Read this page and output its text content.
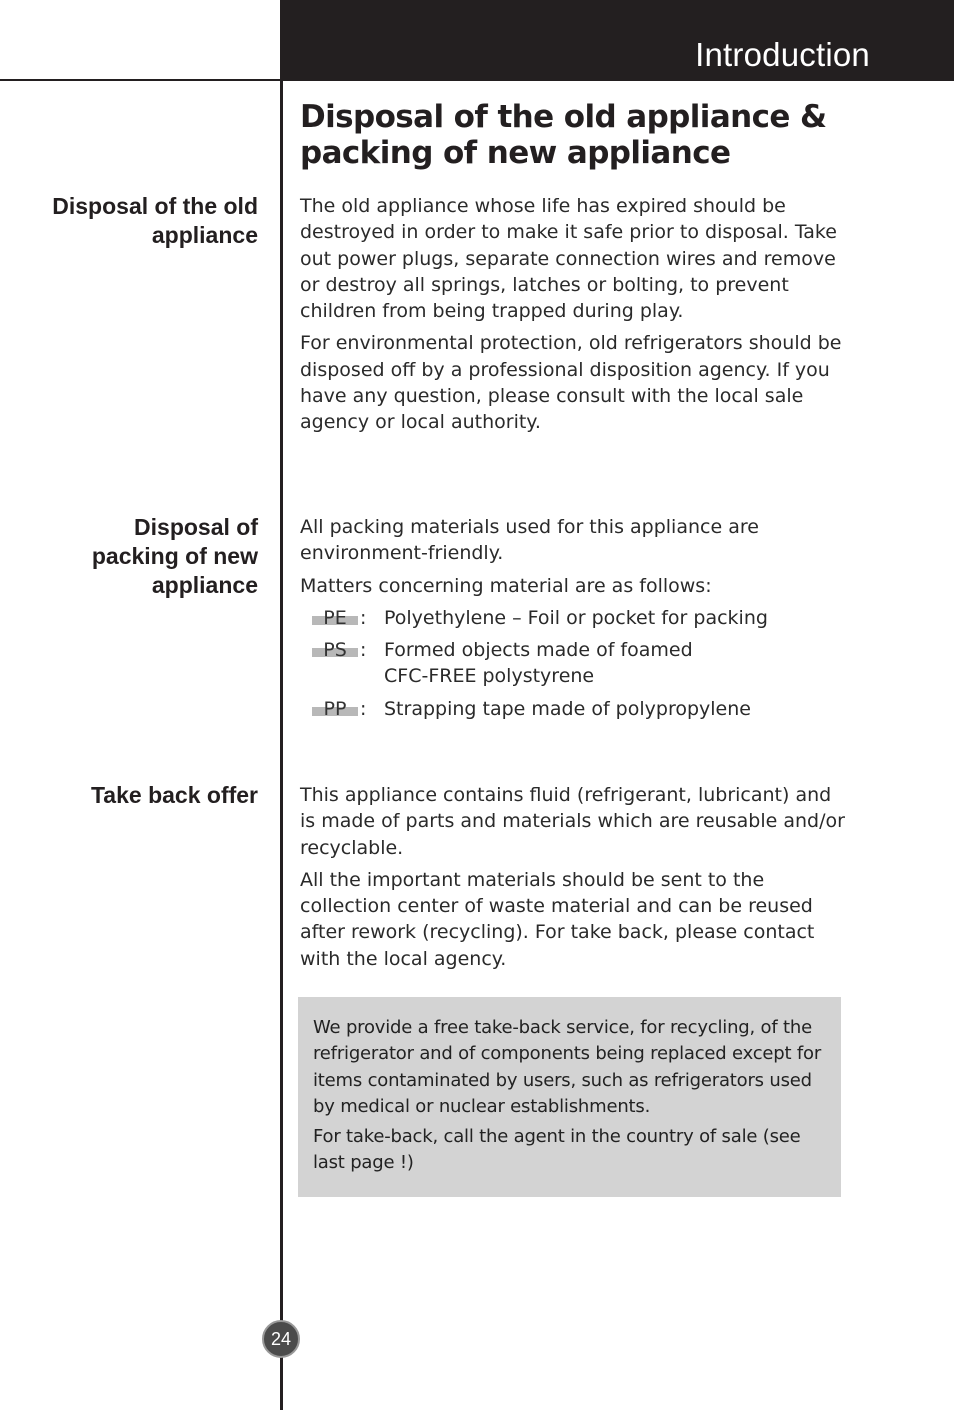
Introduction
Disposal of the old appliance &
packing of new appliance
Disposal of the old
appliance

The old appliance whose life has expired should be destroyed in order to make it safe prior to disposal. Take out power plugs, separate connection wires and remove or destroy all springs, latches or bolting, to prevent children from being trapped during play.

For environmental protection, old refrigerators should be disposed off by a professional disposition agency. If you have any question, please consult with the local sale agency or local authority.

Disposal of
packing of new
appliance

All packing materials used for this appliance are environment-friendly.

Matters concerning material are as follows:

PE : Polyethylene – Foil or pocket for packing
PS : Formed objects made of foamed CFC-FREE polystyrene
PP : Strapping tape made of polypropylene
Take back offer This appliance contains fluid (refrigerant, lubricant) and is made of parts and materials which are reusable and/or recyclable.

All the important materials should be sent to the collection center of waste material and can be reused after rework (recycling). For take back, please contact with the local agency.

We provide a free take-back service, for recycling, of the refrigerator and of components being replaced except for items contaminated by users, such as refrigerators used by medical or nuclear establishments.

For take-back, call the agent in the country of sale (see last page !)

24
